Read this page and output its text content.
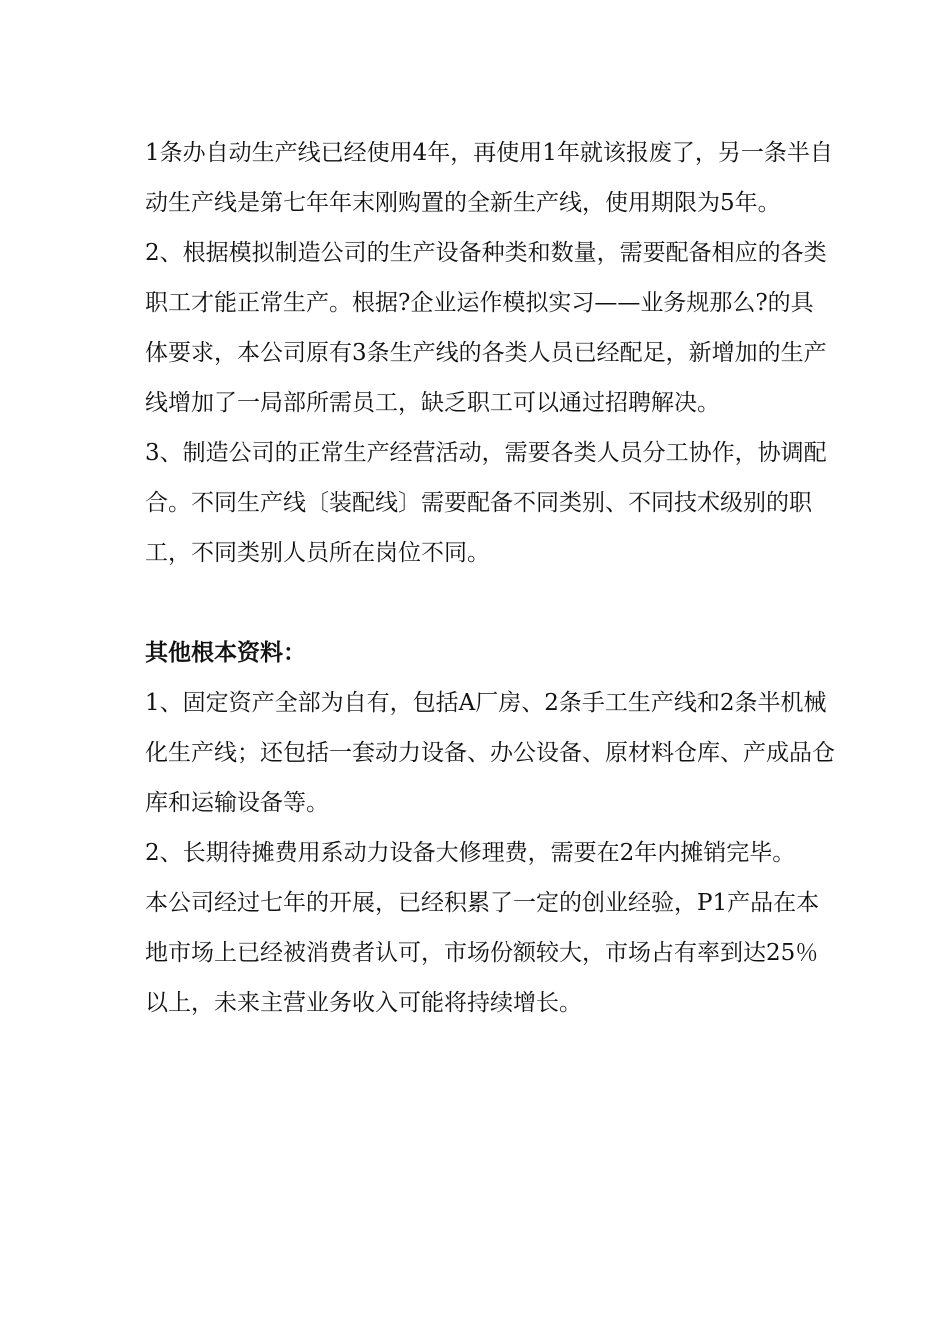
1条办自动生产线已经使用4年，再使用1年就该报废了，另一条半自动生产线是第七年年末刚购置的全新生产线，使用期限为5年。

2、根据模拟制造公司的生产设备种类和数量，需要配备相应的各类职工才能正常生产。根据?企业运作模拟实习——业务规那么?的具体要求，本公司原有3条生产线的各类人员已经配足，新增加的生产线增加了一局部所需员工，缺乏职工可以通过招聘解决。

3、制造公司的正常生产经营活动，需要各类人员分工协作，协调配合。不同生产线〔装配线〕需要配备不同类别、不同技术级别的职工，不同类别人员所在岗位不同。

其他根本资料：

1、固定资产全部为自有，包括A厂房、2条手工生产线和2条半机械化生产线；还包括一套动力设备、办公设备、原材料仓库、产成品仓库和运输设备等。

2、长期待摊费用系动力设备大修理费，需要在2年内摊销完毕。

本公司经过七年的开展，已经积累了一定的创业经验，P1产品在本地市场上已经被消费者认可，市场份额较大，市场占有率到达25％以上，未来主营业务收入可能将持续增长。
